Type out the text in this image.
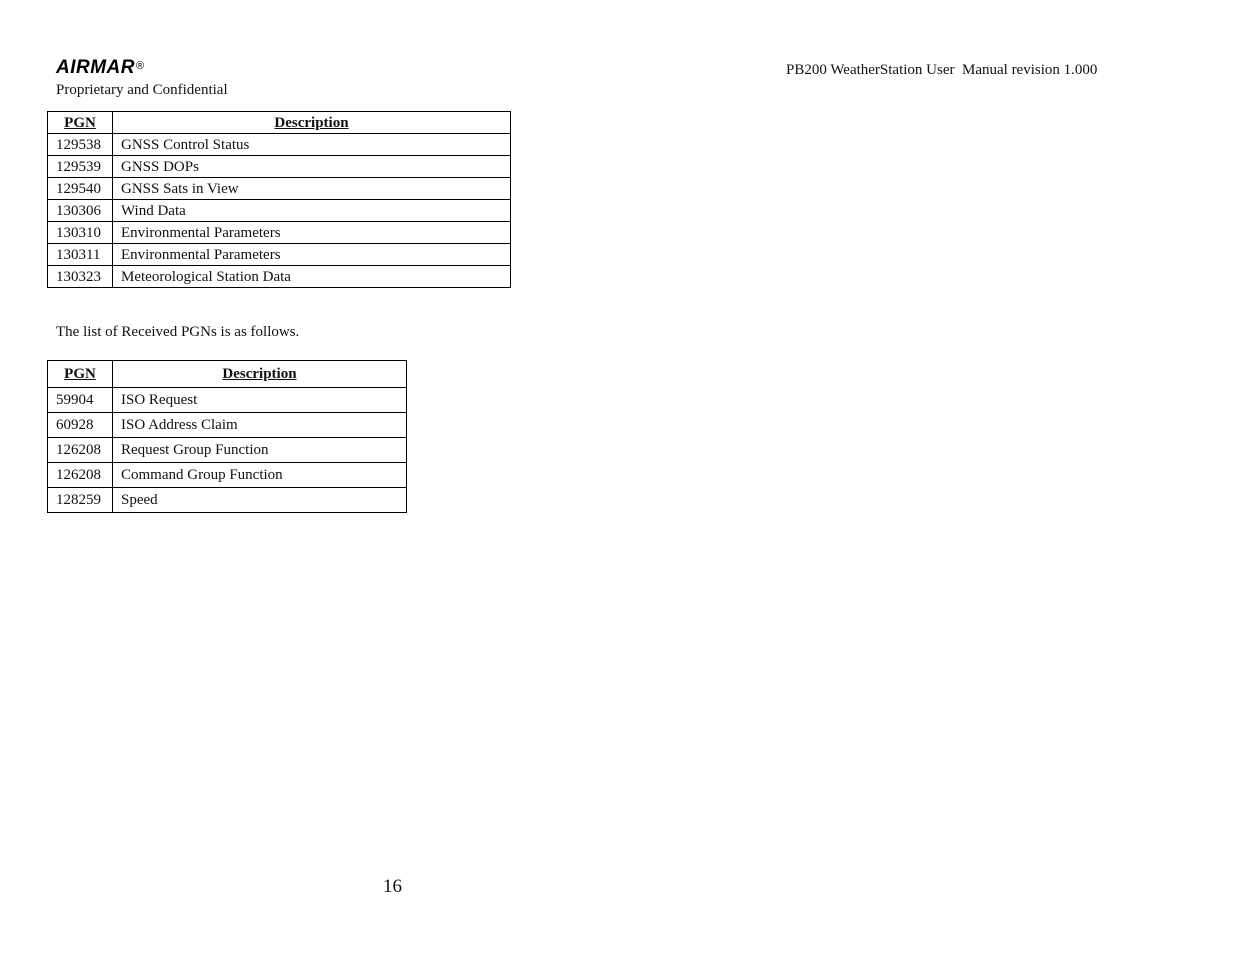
AIRMAR®
Proprietary and Confidential
PB200 WeatherStation User  Manual revision 1.000
PGN	Description
129538	GNSS Control Status
129539	GNSS DOPs
129540	GNSS Sats in View
130306	Wind Data
130310	Environmental Parameters
130311	Environmental Parameters
130323	Meteorological Station Data
The list of Received PGNs is as follows.
PGN	Description
59904	ISO Request
60928	ISO Address Claim
126208	Request Group Function
126208	Command Group Function
128259	Speed
16
